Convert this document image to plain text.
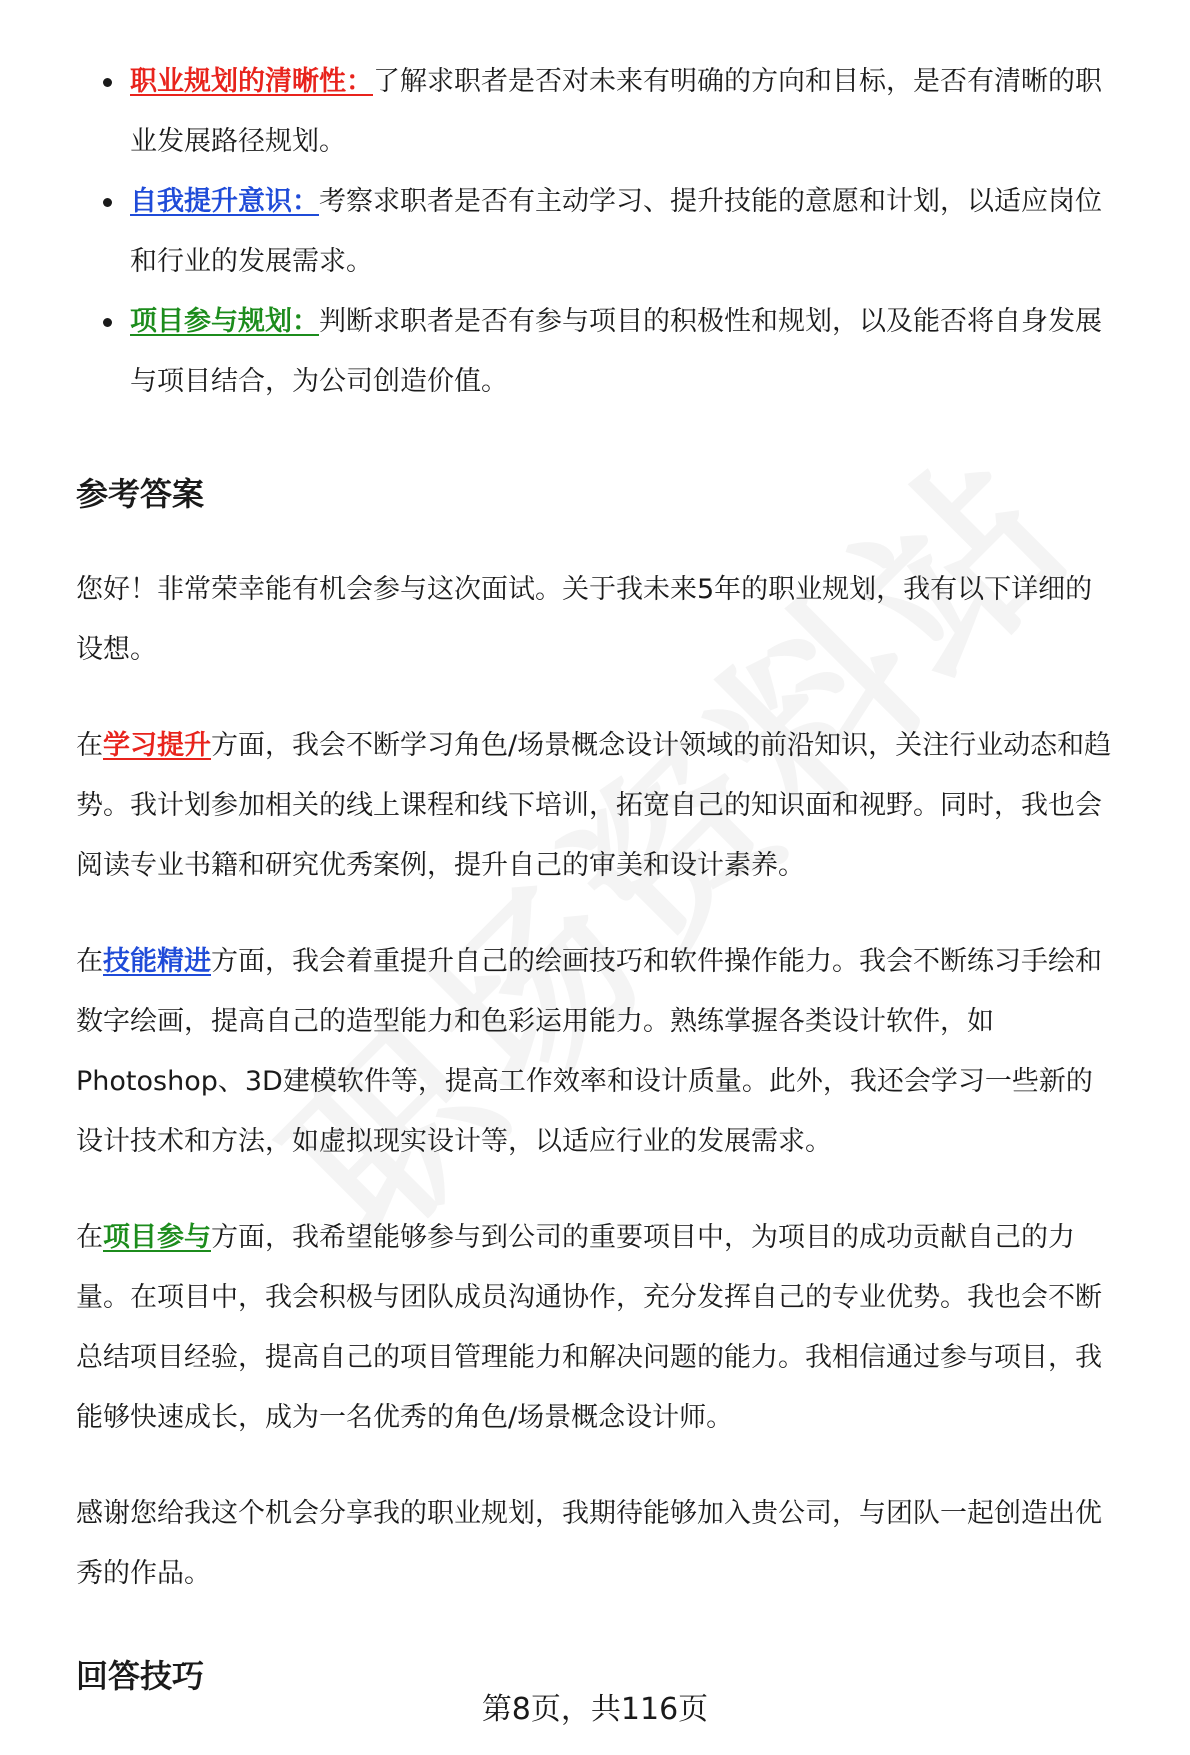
职业规划的清晰性：了解求职者是否对未来有明确的方向和目标，是否有清晰的职业发展路径规划。
自我提升意识：考察求职者是否有主动学习、提升技能的意愿和计划，以适应岗位和行业的发展需求。
项目参与规划：判断求职者是否有参与项目的积极性和规划，以及能否将自身发展与项目结合，为公司创造价值。
参考答案

您好！非常荣幸能有机会参与这次面试。关于我未来5年的职业规划，我有以下详细的设想。

在学习提升方面，我会不断学习角色/场景概念设计领域的前沿知识，关注行业动态和趋势。我计划参加相关的线上课程和线下培训，拓宽自己的知识面和视野。同时，我也会阅读专业书籍和研究优秀案例，提升自己的审美和设计素养。

在技能精进方面，我会着重提升自己的绘画技巧和软件操作能力。我会不断练习手绘和数字绘画，提高自己的造型能力和色彩运用能力。熟练掌握各类设计软件，如Photoshop、3D建模软件等，提高工作效率和设计质量。此外，我还会学习一些新的设计技术和方法，如虚拟现实设计等，以适应行业的发展需求。

在项目参与方面，我希望能够参与到公司的重要项目中，为项目的成功贡献自己的力量。在项目中，我会积极与团队成员沟通协作，充分发挥自己的专业优势。我也会不断总结项目经验，提高自己的项目管理能力和解决问题的能力。我相信通过参与项目，我能够快速成长，成为一名优秀的角色/场景概念设计师。

感谢您给我这个机会分享我的职业规划，我期待能够加入贵公司，与团队一起创造出优秀的作品。

回答技巧
第8页，共116页
